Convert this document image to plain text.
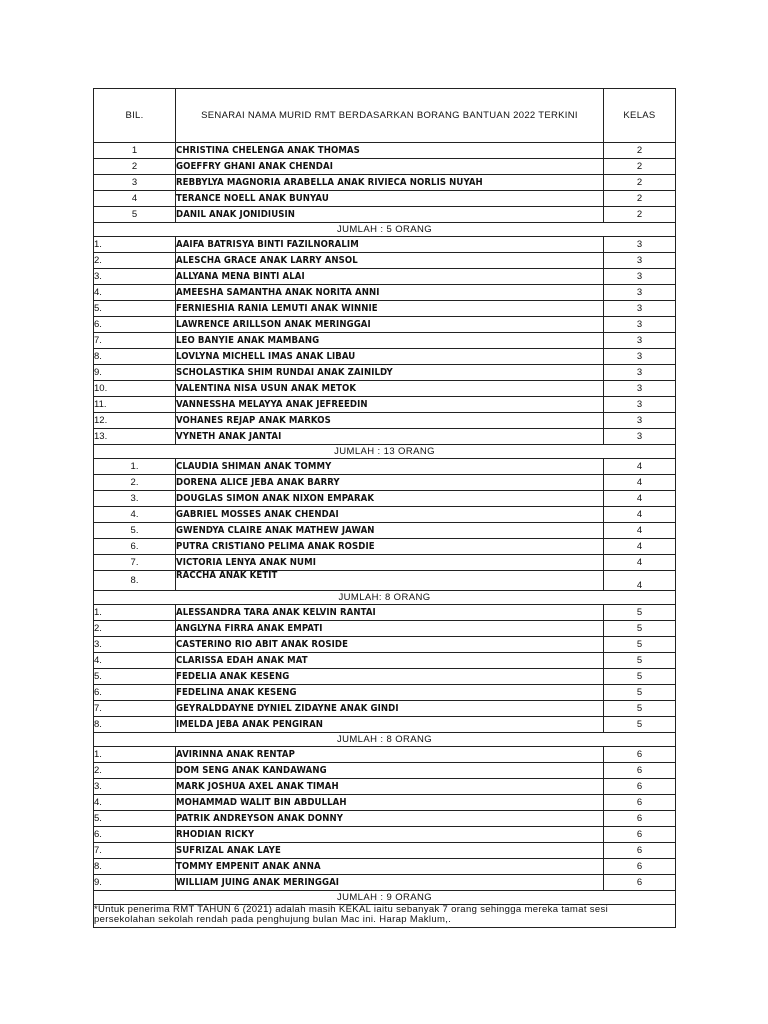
BIL.	SENARAI NAMA MURID RMT BERDASARKAN BORANG BANTUAN 2022 TERKINI	KELAS
1	CHRISTINA CHELENGA ANAK THOMAS	2
2	GOEFFRY GHANI ANAK CHENDAI	2
3	REBBYLYA MAGNORIA ARABELLA ANAK RIVIECA NORLIS NUYAH	2
4	TERANCE NOELL ANAK BUNYAU	2
5	DANIL ANAK JONIDIUSIN	2
JUMLAH : 5 ORANG		
1.	AAIFA BATRISYA BINTI FAZILNORALIM	3
2.	ALESCHA GRACE ANAK LARRY ANSOL	3
3.	ALLYANA MENA BINTI ALAI	3
4.	AMEESHA SAMANTHA ANAK NORITA ANNI	3
5.	FERNIESHIA RANIA LEMUTI ANAK WINNIE	3
6.	LAWRENCE ARILLSON ANAK MERINGGAI	3
7.	LEO BANYIE ANAK MAMBANG	3
8.	LOVLYNA MICHELL IMAS ANAK LIBAU	3
9.	SCHOLASTIKA SHIM RUNDAI ANAK ZAINILDY	3
10.	VALENTINA NISA USUN ANAK METOK	3
11.	VANNESSHA MELAYYA ANAK JEFREEDIN	3
12.	VOHANES REJAP ANAK MARKOS	3
13.	VYNETH ANAK JANTAI	3
JUMLAH : 13 ORANG		
1.	CLAUDIA SHIMAN ANAK TOMMY	4
2.	DORENA ALICE JEBA ANAK BARRY	4
3.	DOUGLAS SIMON ANAK NIXON EMPARAK	4
4.	GABRIEL MOSSES ANAK CHENDAI	4
5.	GWENDYA CLAIRE ANAK MATHEW JAWAN	4
6.	PUTRA CRISTIANO PELIMA ANAK ROSDIE	4
7.	VICTORIA LENYA ANAK NUMI	4
8.	RACCHA ANAK KETIT	4
JUMLAH: 8 ORANG		
1.	ALESSANDRA TARA ANAK KELVIN RANTAI	5
2.	ANGLYNA FIRRA ANAK EMPATI	5
3.	CASTERINO RIO ABIT ANAK ROSIDE	5
4.	CLARISSA EDAH ANAK MAT	5
5.	FEDELIA ANAK KESENG	5
6.	FEDELINA ANAK KESENG	5
7.	GEYRALDDAYNE DYNIEL ZIDAYNE ANAK GINDI	5
8.	IMELDA JEBA ANAK PENGIRAN	5
JUMLAH : 8 ORANG		
1.	AVIRINNA ANAK RENTAP	6
2.	DOM SENG ANAK KANDAWANG	6
3.	MARK JOSHUA AXEL ANAK TIMAH	6
4.	MOHAMMAD WALIT BIN ABDULLAH	6
5.	PATRIK ANDREYSON ANAK DONNY	6
6.	RHODIAN RICKY	6
7.	SUFRIZAL ANAK LAYE	6
8.	TOMMY EMPENIT ANAK ANNA	6
9.	WILLIAM JUING ANAK MERINGGAI	6
JUMLAH : 9 ORANG		

*Untuk penerima RMT TAHUN 6 (2021) adalah masih KEKAL iaitu sebanyak 7 orang sehingga mereka tamat sesi
persekolahan sekolah rendah pada penghujung bulan Mac ini. Harap Maklum,.		
